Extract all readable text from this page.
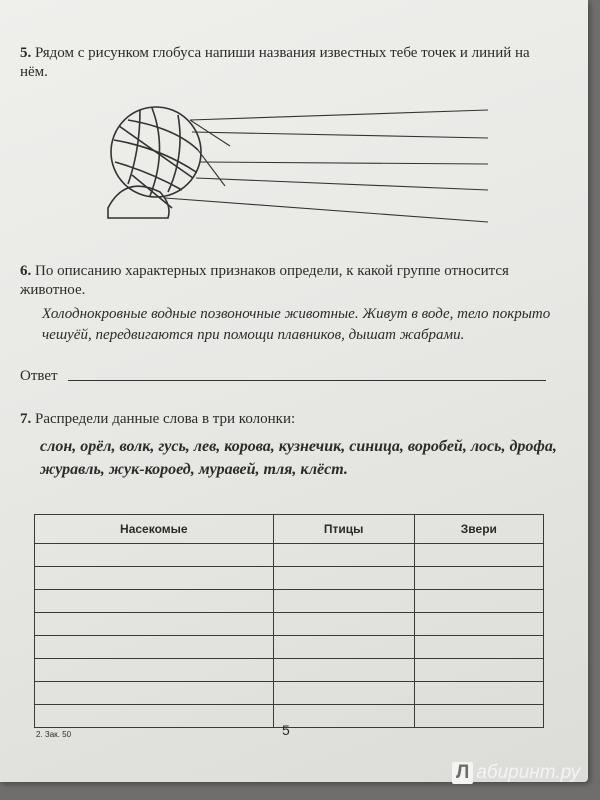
5. Рядом с рисунком глобуса напиши названия известных тебе точек и линий на нём.
6. По описанию характерных признаков определи, к какой группе относится животное.
Холоднокровные водные позвоночные животные. Живут в воде, тело покрыто чешуёй, передвигаются при помощи плавников, дышат жабрами.
Ответ
7. Распредели данные слова в три колонки:
слон, орёл, волк, гусь, лев, корова, кузнечик, синица, воробей, лось, дрофа, журавль, жук-короед, муравей, тля, клёст.
Насекомые	Птицы	Звери

2. Зак. 50	5
Л абиринт.ру
